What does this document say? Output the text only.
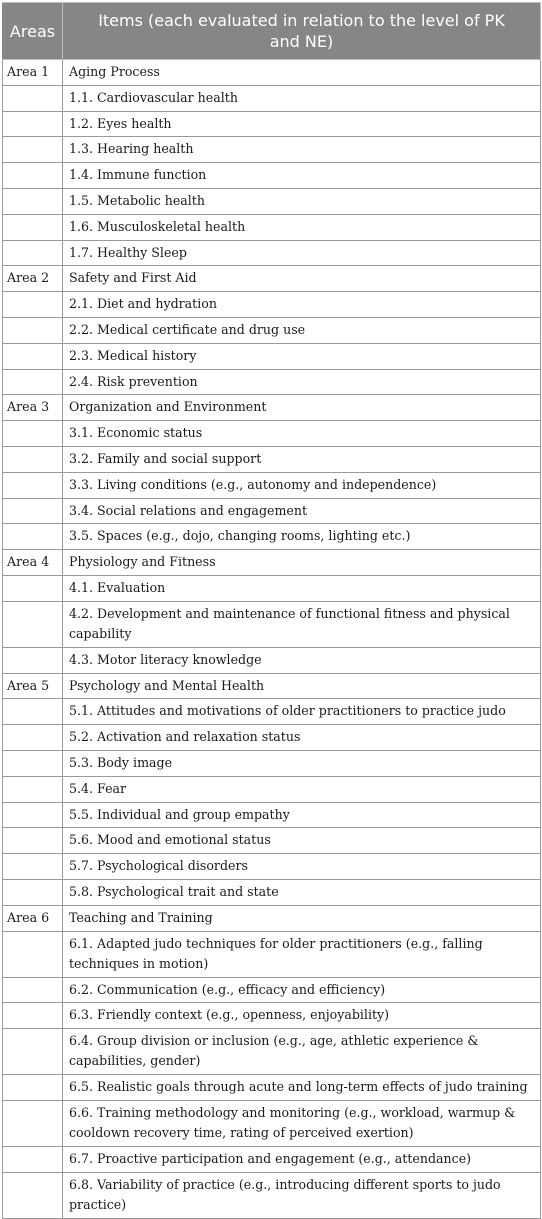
Areas	Items (each evaluated in relation to the level of PK and NE)
Area 1	Aging Process
	1.1. Cardiovascular health
	1.2. Eyes health
	1.3. Hearing health
	1.4. Immune function
	1.5. Metabolic health
	1.6. Musculoskeletal health
	1.7. Healthy Sleep
Area 2	Safety and First Aid
	2.1. Diet and hydration
	2.2. Medical certificate and drug use
	2.3. Medical history
	2.4. Risk prevention
Area 3	Organization and Environment
	3.1. Economic status
	3.2. Family and social support
	3.3. Living conditions (e.g., autonomy and independence)
	3.4. Social relations and engagement
	3.5. Spaces (e.g., dojo, changing rooms, lighting etc.)
Area 4	Physiology and Fitness
	4.1. Evaluation
	4.2. Development and maintenance of functional fitness and physical capability
	4.3. Motor literacy knowledge
Area 5	Psychology and Mental Health
	5.1. Attitudes and motivations of older practitioners to practice judo
	5.2. Activation and relaxation status
	5.3. Body image
	5.4. Fear
	5.5. Individual and group empathy
	5.6. Mood and emotional status
	5.7. Psychological disorders
	5.8. Psychological trait and state
Area 6	Teaching and Training
	6.1. Adapted judo techniques for older practitioners (e.g., falling techniques in motion)
	6.2. Communication (e.g., efficacy and efficiency)
	6.3. Friendly context (e.g., openness, enjoyability)
	6.4. Group division or inclusion (e.g., age, athletic experience & capabilities, gender)
	6.5. Realistic goals through acute and long-term effects of judo training
	6.6. Training methodology and monitoring (e.g., workload, warmup & cooldown recovery time, rating of perceived exertion)
	6.7. Proactive participation and engagement (e.g., attendance)
	6.8. Variability of practice (e.g., introducing different sports to judo practice)
